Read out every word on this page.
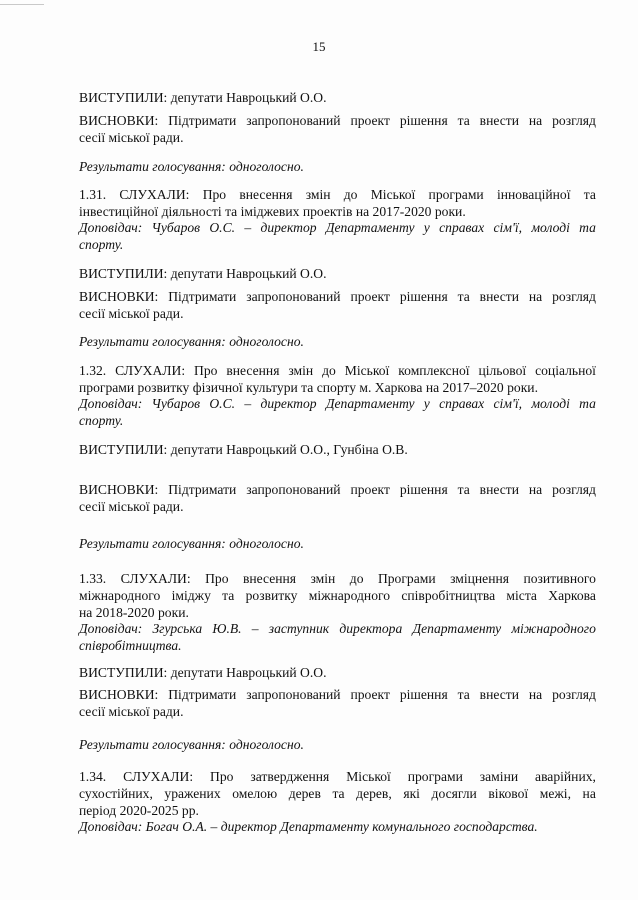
15
ВИСТУПИЛИ: депутати Навроцький О.О.
ВИСНОВКИ: Підтримати запропонований проект рішення та внести на розгляд
сесії міської ради.
Результати голосування: одноголосно.
1.31. СЛУХАЛИ: Про внесення змін до Міської програми інноваційної та
інвестиційної діяльності та іміджевих проектів на 2017-2020 роки.
Доповідач: Чубаров О.С. – директор Департаменту у справах сім'ї, молоді та
спорту.
ВИСТУПИЛИ: депутати Навроцький О.О.
ВИСНОВКИ: Підтримати запропонований проект рішення та внести на розгляд
сесії міської ради.
Результати голосування: одноголосно.
1.32. СЛУХАЛИ: Про внесення змін до Міської комплексної цільової соціальної
програми розвитку фізичної культури та спорту м. Харкова на 2017–2020 роки.
Доповідач: Чубаров О.С. – директор Департаменту у справах сім'ї, молоді та
спорту.
ВИСТУПИЛИ: депутати Навроцький О.О., Гунбіна О.В.
ВИСНОВКИ: Підтримати запропонований проект рішення та внести на розгляд
сесії міської ради.
Результати голосування: одноголосно.
1.33. СЛУХАЛИ: Про внесення змін до Програми зміцнення позитивного
міжнародного іміджу та розвитку міжнародного співробітництва міста Харкова
на 2018-2020 роки.
Доповідач: Згурська Ю.В. – заступник директора Департаменту міжнародного
співробітництва.
ВИСТУПИЛИ: депутати Навроцький О.О.
ВИСНОВКИ: Підтримати запропонований проект рішення та внести на розгляд
сесії міської ради.
Результати голосування: одноголосно.
1.34. СЛУХАЛИ: Про затвердження Міської програми заміни аварійних,
сухостійних, уражених омелою дерев та дерев, які досягли вікової межі, на
період 2020-2025 рр.
Доповідач: Богач О.А. – директор Департаменту комунального господарства.
